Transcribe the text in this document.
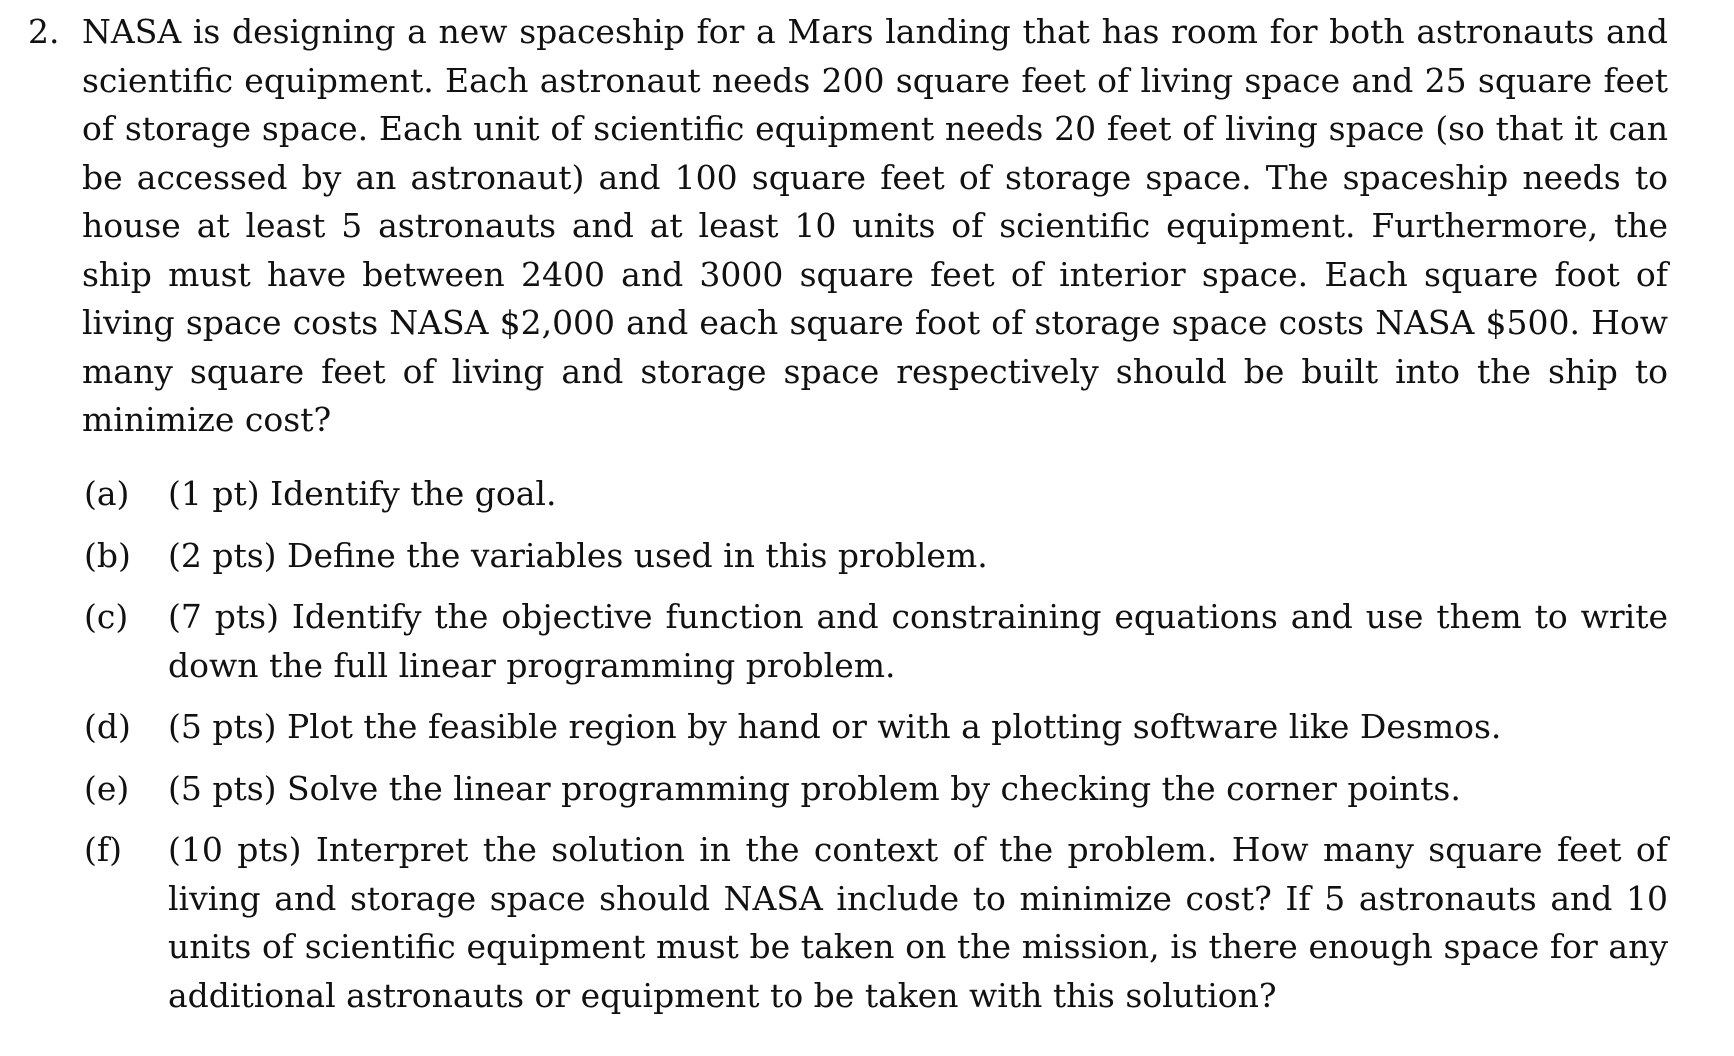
2. NASA is designing a new spaceship for a Mars landing that has room for both astronauts and scientific equipment. Each astronaut needs 200 square feet of living space and 25 square feet of storage space. Each unit of scientific equipment needs 20 feet of living space (so that it can be accessed by an astronaut) and 100 square feet of storage space. The spaceship needs to house at least 5 astronauts and at least 10 units of scientific equipment. Furthermore, the ship must have between 2400 and 3000 square feet of interior space. Each square foot of living space costs NASA $2,000 and each square foot of storage space costs NASA $500. How many square feet of living and storage space respectively should be built into the ship to minimize cost?

(a)	(1 pt) Identify the goal.
(b)	(2 pts) Define the variables used in this problem.
(c)	(7 pts) Identify the objective function and constraining equations and use them to write down the full linear programming problem.
(d)	(5 pts) Plot the feasible region by hand or with a plotting software like Desmos.
(e)	(5 pts) Solve the linear programming problem by checking the corner points.
(f)	(10 pts) Interpret the solution in the context of the problem. How many square feet of living and storage space should NASA include to minimize cost? If 5 astronauts and 10 units of scientific equipment must be taken on the mission, is there enough space for any additional astronauts or equipment to be taken with this solution?
